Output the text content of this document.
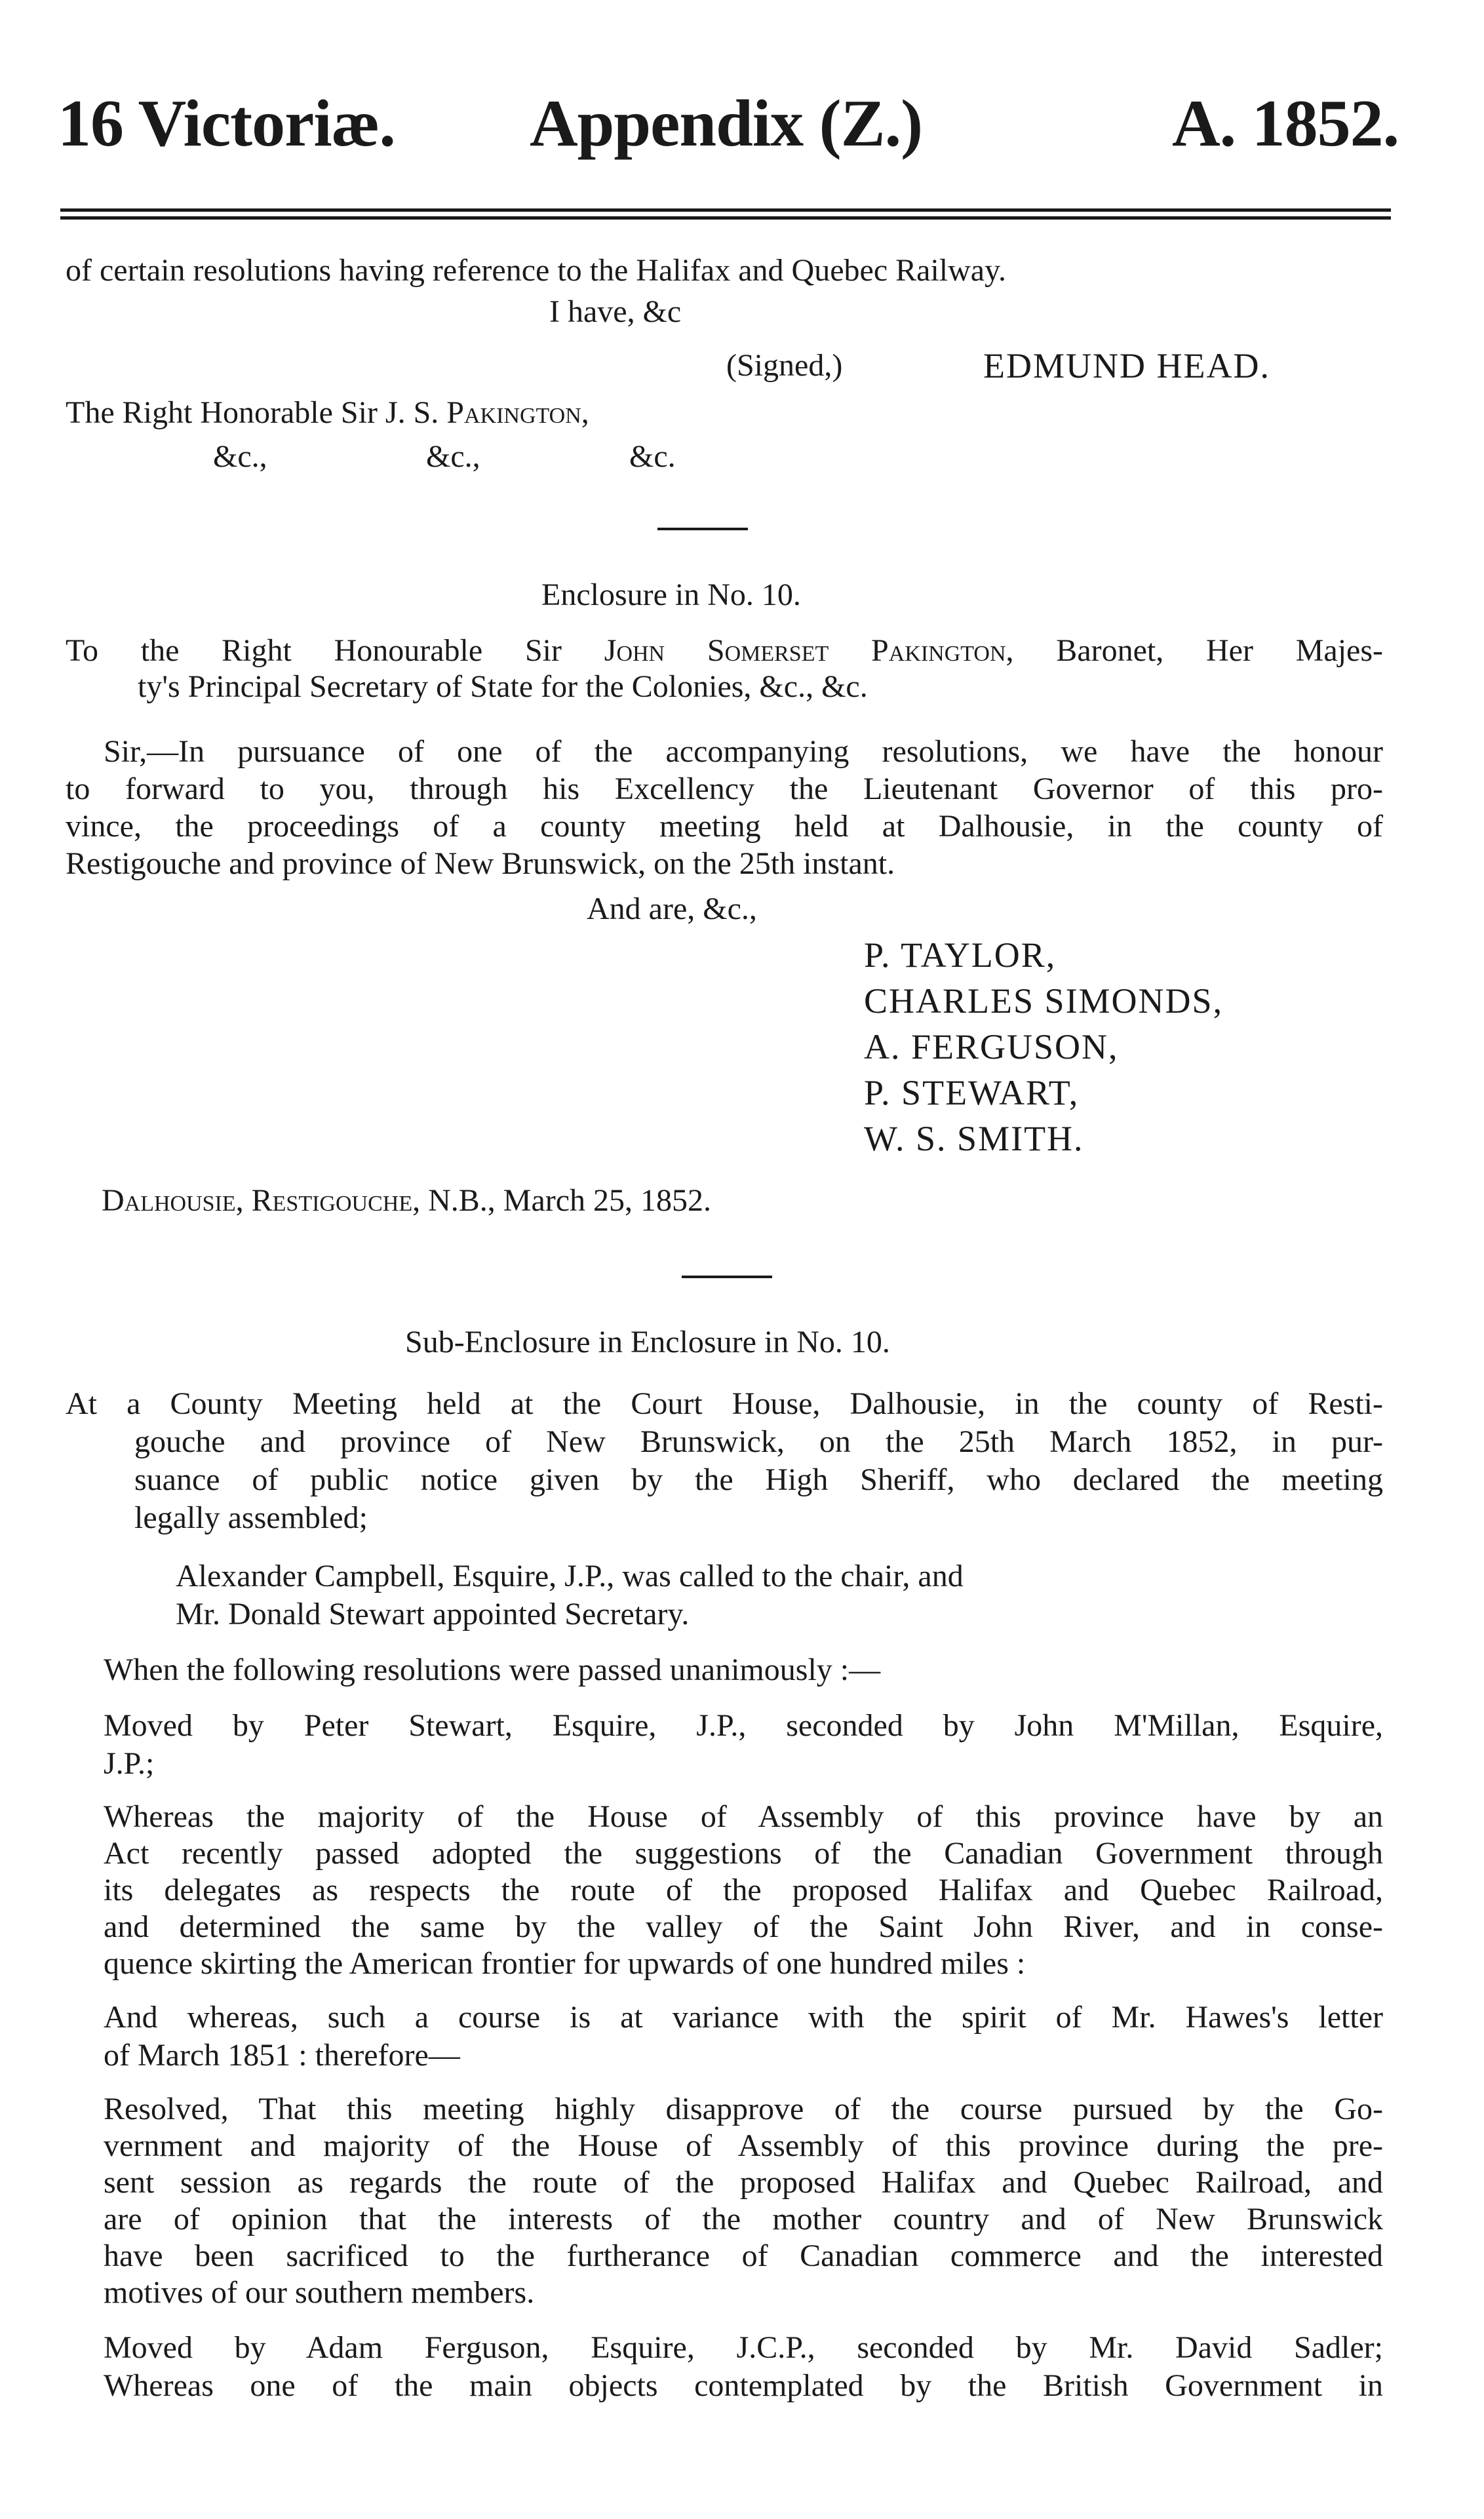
16 Victoriæ. Appendix (Z.)	A. 1852.
of certain resolutions having reference to the Halifax and Quebec Railway.
I have, &c
(Signed,)	EDMUND HEAD.
The Right Honorable Sir J. S. Pakington,
&c.,	&c.,	&c.
Enclosure in No. 10.
To the Right Honourable Sir John Somerset Pakington, Baronet, Her Majes-
ty's Principal Secretary of State for the Colonies, &c., &c.
Sir,—In pursuance of one of the accompanying resolutions, we have the honour
to forward to you, through his Excellency the Lieutenant Governor of this pro-
vince, the proceedings of a county meeting held at Dalhousie, in the county of
Restigouche and province of New Brunswick, on the 25th instant.
And are, &c.,
P. TAYLOR,
CHARLES SIMONDS,
A. FERGUSON,
P. STEWART,
W. S. SMITH.
Dalhousie, Restigouche, N.B., March 25, 1852.
Sub-Enclosure in Enclosure in No. 10.
At a County Meeting held at the Court House, Dalhousie, in the county of Resti-
gouche and province of New Brunswick, on the 25th March 1852, in pur-
suance of public notice given by the High Sheriff, who declared the meeting
legally assembled;
Alexander Campbell, Esquire, J.P., was called to the chair, and
Mr. Donald Stewart appointed Secretary.
When the following resolutions were passed unanimously :—
Moved by Peter Stewart, Esquire, J.P., seconded by John M'Millan, Esquire,
J.P.;
Whereas the majority of the House of Assembly of this province have by an
Act recently passed adopted the suggestions of the Canadian Government through
its delegates as respects the route of the proposed Halifax and Quebec Railroad,
and determined the same by the valley of the Saint John River, and in conse-
quence skirting the American frontier for upwards of one hundred miles :
And whereas, such a course is at variance with the spirit of Mr. Hawes's letter
of March 1851 : therefore—
Resolved, That this meeting highly disapprove of the course pursued by the Go-
vernment and majority of the House of Assembly of this province during the pre-
sent session as regards the route of the proposed Halifax and Quebec Railroad, and
are of opinion that the interests of the mother country and of New Brunswick
have been sacrificed to the furtherance of Canadian commerce and the interested
motives of our southern members.
Moved by Adam Ferguson, Esquire, J.C.P., seconded by Mr. David Sadler;
Whereas one of the main objects contemplated by the British Government in
